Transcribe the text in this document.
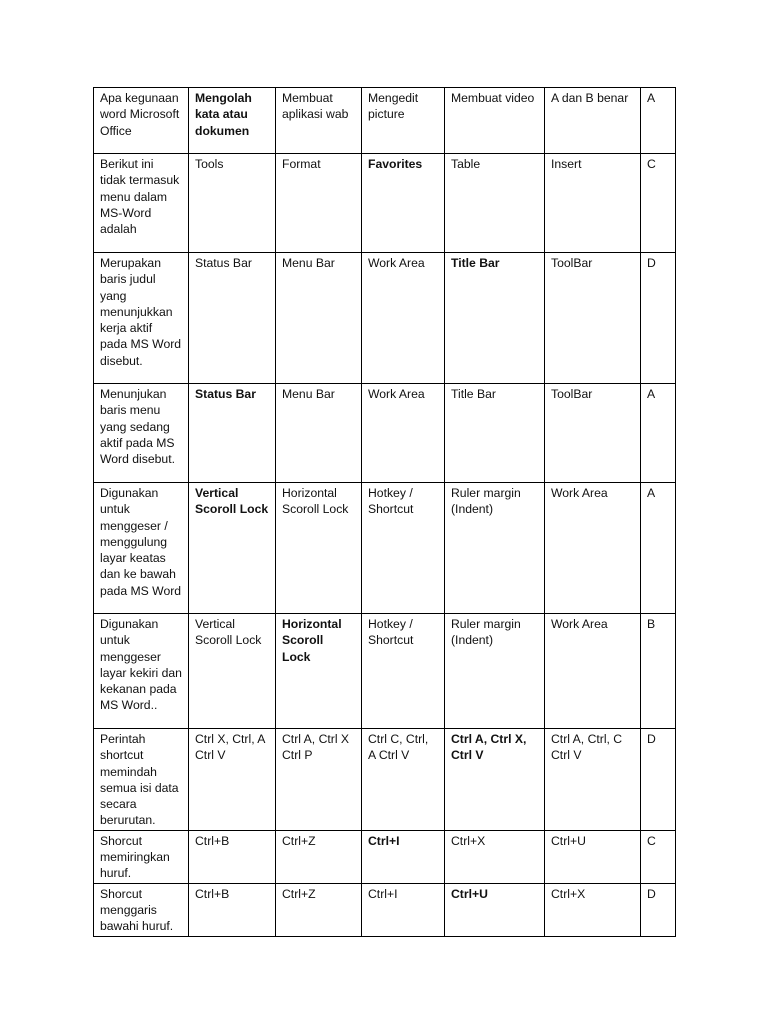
Apa kegunaan word Microsoft Office	Mengolah kata atau dokumen	Membuat aplikasi wab	Mengedit picture	Membuat video	A dan B benar	A
Berikut ini tidak termasuk menu dalam MS-Word adalah	Tools	Format	Favorites	Table	Insert	C
Merupakan baris judul yang menunjukkan kerja aktif pada MS Word disebut.	Status Bar	Menu Bar	Work Area	Title Bar	ToolBar	D
Menunjukan baris menu yang sedang aktif pada MS Word disebut.	Status Bar	Menu Bar	Work Area	Title Bar	ToolBar	A
Digunakan untuk menggeser / menggulung layar keatas dan ke bawah pada MS Word	Vertical Scoroll Lock	Horizontal Scoroll Lock	Hotkey / Shortcut	Ruler margin (Indent)	Work Area	A
Digunakan untuk menggeser layar kekiri dan kekanan pada MS Word..	Vertical Scoroll Lock	Horizontal Scoroll Lock	Hotkey / Shortcut	Ruler margin (Indent)	Work Area	B
Perintah shortcut memindah semua isi data secara berurutan.	Ctrl X, Ctrl, A Ctrl V	Ctrl A, Ctrl X Ctrl P	Ctrl C, Ctrl, A Ctrl V	Ctrl A, Ctrl X, Ctrl V	Ctrl A, Ctrl, C Ctrl V	D
Shorcut memiringkan huruf.	Ctrl+B	Ctrl+Z	Ctrl+I	Ctrl+X	Ctrl+U	C
Shorcut menggaris bawahi huruf.	Ctrl+B	Ctrl+Z	Ctrl+I	Ctrl+U	Ctrl+X	D
